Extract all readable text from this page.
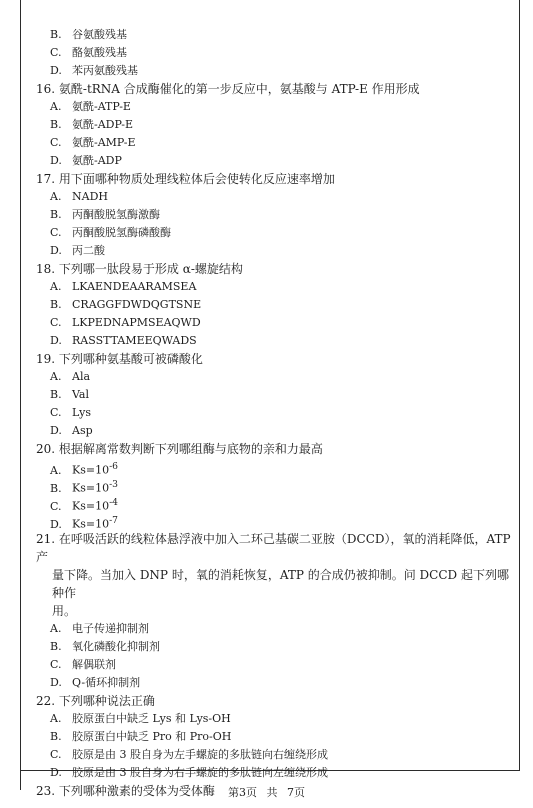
B. 谷氨酸残基
C. 酪氨酸残基
D. 苯丙氨酸残基
16. 氨酰-tRNA 合成酶催化的第一步反应中，氨基酸与 ATP-E 作用形成
A. 氨酰-ATP-E
B. 氨酰-ADP-E
C. 氨酰-AMP-E
D. 氨酰-ADP
17. 用下面哪种物质处理线粒体后会使转化反应速率增加
A. NADH
B. 丙酮酸脱氢酶激酶
C. 丙酮酸脱氢酶磷酸酶
D. 丙二酸
18. 下列哪一肽段易于形成 α-螺旋结构
A. LKAENDEAARAMSEA
B. CRAGGFDWDQGTSNE
C. LKPEDNAPMSEAQWD
D. RASSTTAMEEQWADS
19. 下列哪种氨基酸可被磷酸化
A. Ala
B. Val
C. Lys
D. Asp
20. 根据解离常数判断下列哪组酶与底物的亲和力最高
A. $Ks=10^{-6}$
B. $Ks=10^{-3}$
C. $Ks=10^{-4}$
D. $Ks=10^{-7}$
21. 在呼吸活跃的线粒体悬浮液中加入二环己基碳二亚胺（DCCD），氧的消耗降低，ATP 产
量下降。当加入 DNP 时，氧的消耗恢复，ATP 的合成仍被抑制。问 DCCD 起下列哪种作
用。
A. 电子传递抑制剂
B. 氧化磷酸化抑制剂
C. 解偶联剂
D. Q-循环抑制剂
22. 下列哪种说法正确
A. 胶原蛋白中缺乏 Lys 和 Lys-OH
B. 胶原蛋白中缺乏 Pro 和 Pro-OH
C. 胶原是由 3 股自身为左手螺旋的多肽链向右缠绕形成
D. 胶原是由 3 股自身为右手螺旋的多肽链向左缠绕形成
23. 下列哪种激素的受体为受体酶	第3页 共 7页
